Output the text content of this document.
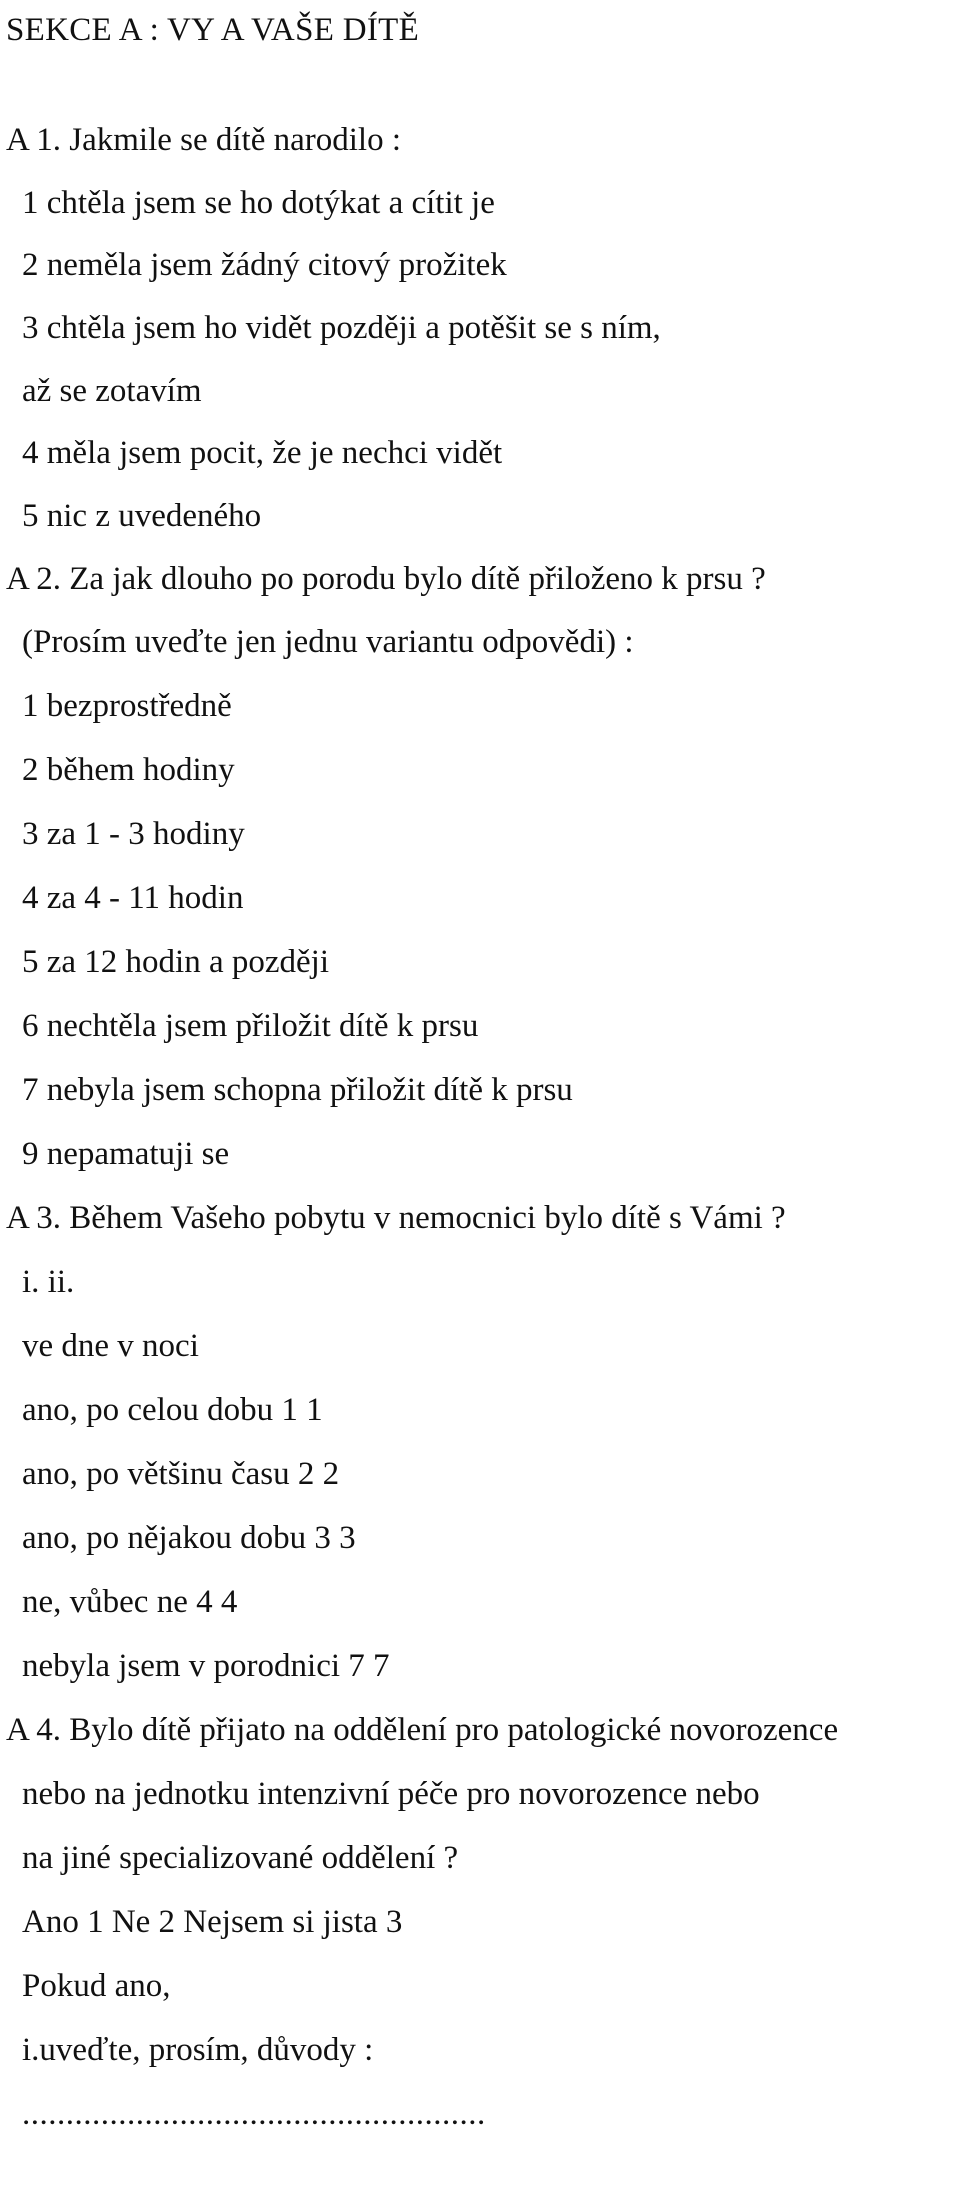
SEKCE A : VY A VAŠE DÍTĚ
A 1. Jakmile se dítě narodilo :
1 chtěla jsem se ho dotýkat a cítit je
2 neměla jsem žádný citový prožitek
3 chtěla jsem ho vidět později a potěšit se s ním,
až se zotavím
4 měla jsem pocit, že je nechci vidět
5 nic z uvedeného
A 2. Za jak dlouho po porodu bylo dítě přiloženo k prsu ?
(Prosím uveďte jen jednu variantu odpovědi) :
1 bezprostředně
2 během hodiny
3 za 1 - 3 hodiny
4 za 4 - 11 hodin
5 za 12 hodin a později
6 nechtěla jsem přiložit dítě k prsu
7 nebyla jsem schopna přiložit dítě k prsu
9 nepamatuji se
A 3. Během Vašeho pobytu v nemocnici bylo dítě s Vámi ?
i. ii.
ve dne v noci
ano, po celou dobu 1 1
ano, po většinu času 2 2
ano, po nějakou dobu 3 3
ne, vůbec ne 4 4
nebyla jsem v porodnici 7 7
A 4. Bylo dítě přijato na oddělení pro patologické novorozence
nebo na jednotku intenzivní péče pro novorozence nebo
na jiné specializované oddělení ?
Ano 1 Ne 2 Nejsem si jista 3
Pokud ano,
i.uveďte, prosím, důvody :
.....................................................
